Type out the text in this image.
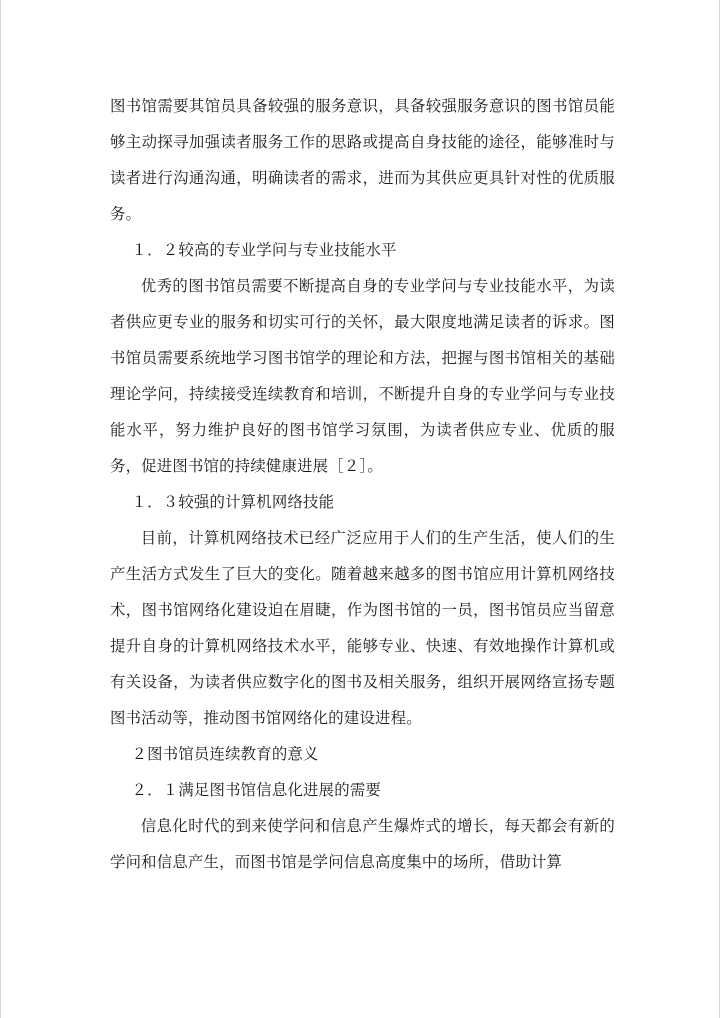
图书馆需要其馆员具备较强的服务意识，具备较强服务意识的图书馆员能够主动探寻加强读者服务工作的思路或提高自身技能的途径，能够准时与读者进行沟通沟通，明确读者的需求，进而为其供应更具针对性的优质服务。

１．２较高的专业学问与专业技能水平

优秀的图书馆员需要不断提高自身的专业学问与专业技能水平，为读者供应更专业的服务和切实可行的关怀，最大限度地满足读者的诉求。图书馆员需要系统地学习图书馆学的理论和方法，把握与图书馆相关的基础理论学问，持续接受连续教育和培训，不断提升自身的专业学问与专业技能水平，努力维护良好的图书馆学习氛围，为读者供应专业、优质的服务，促进图书馆的持续健康进展［２］。

１．３较强的计算机网络技能

目前，计算机网络技术已经广泛应用于人们的生产生活，使人们的生产生活方式发生了巨大的变化。随着越来越多的图书馆应用计算机网络技术，图书馆网络化建设迫在眉睫，作为图书馆的一员，图书馆员应当留意提升自身的计算机网络技术水平，能够专业、快速、有效地操作计算机或有关设备，为读者供应数字化的图书及相关服务，组织开展网络宣扬专题图书活动等，推动图书馆网络化的建设进程。

２图书馆员连续教育的意义

２．１满足图书馆信息化进展的需要

信息化时代的到来使学问和信息产生爆炸式的增长，每天都会有新的学问和信息产生，而图书馆是学问信息高度集中的场所，借助计算
